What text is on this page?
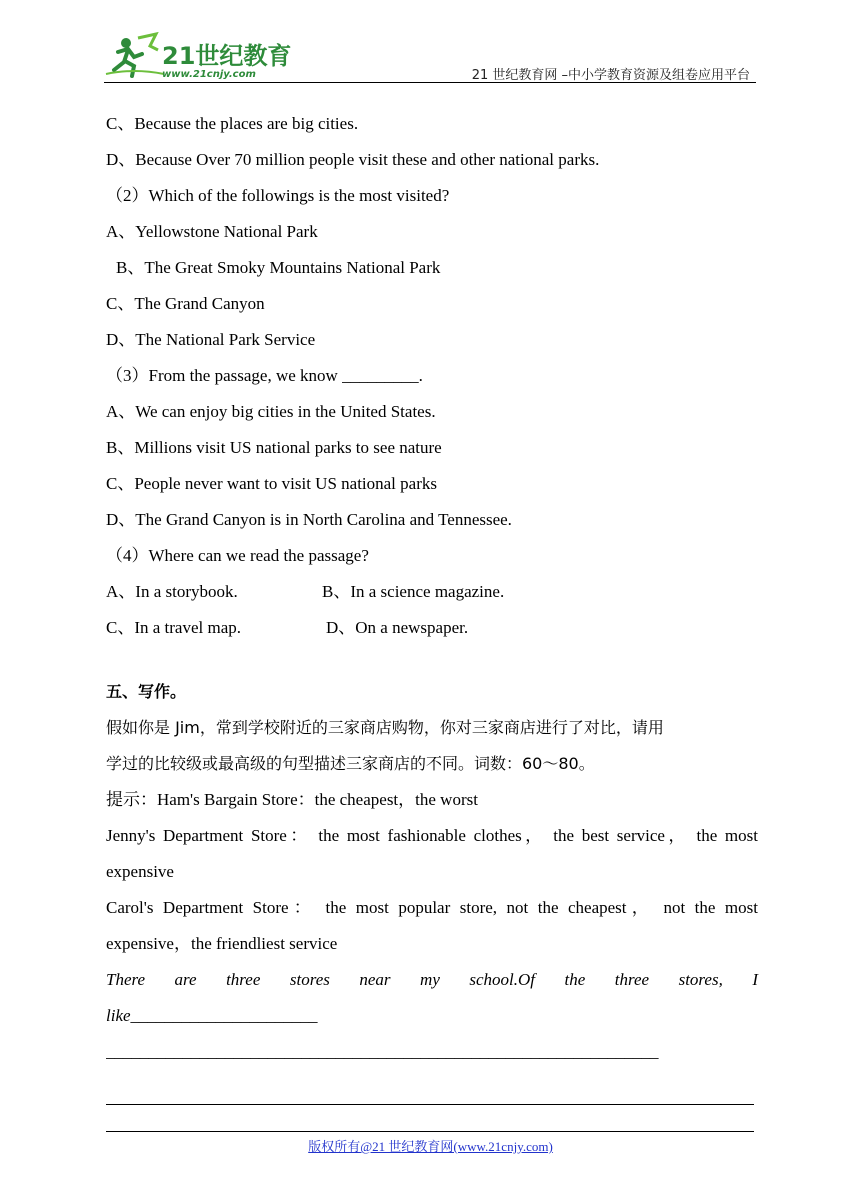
21世纪教育
www.21cnjy.com	21 世纪教育网 –中小学教育资源及组卷应用平台
C、Because the places are big cities.
D、Because Over 70 million people visit these and other national parks.
（2）Which of the followings is the most visited?
A、Yellowstone National Park
B、The Great Smoky Mountains National Park
C、The Grand Canyon
D、The National Park Service
（3）From the passage, we know _________.
A、We can enjoy big cities in the United States.
B、Millions visit US national parks to see nature
C、People never want to visit US national parks
D、The Grand Canyon is in North Carolina and Tennessee.
（4）Where can we read the passage?
A、In a storybook.	B、In a science magazine.
C、In a travel map.	D、On a newspaper.
五、写作。
假如你是 Jim，常到学校附近的三家商店购物，你对三家商店进行了对比，请用
学过的比较级或最高级的句型描述三家商店的不同。词数：60～80。
提示：Ham's Bargain Store：the cheapest，the worst
Jenny's Department Store： the most fashionable clothes， the best service， the most
expensive
Carol's Department Store： the most popular store, not the cheapest， not the most
expensive，the friendliest service
There are three stores near my school.Of the three stores, I
like______________________
_________________________________________________________________
版权所有@21 世纪教育网(www.21cnjy.com)
